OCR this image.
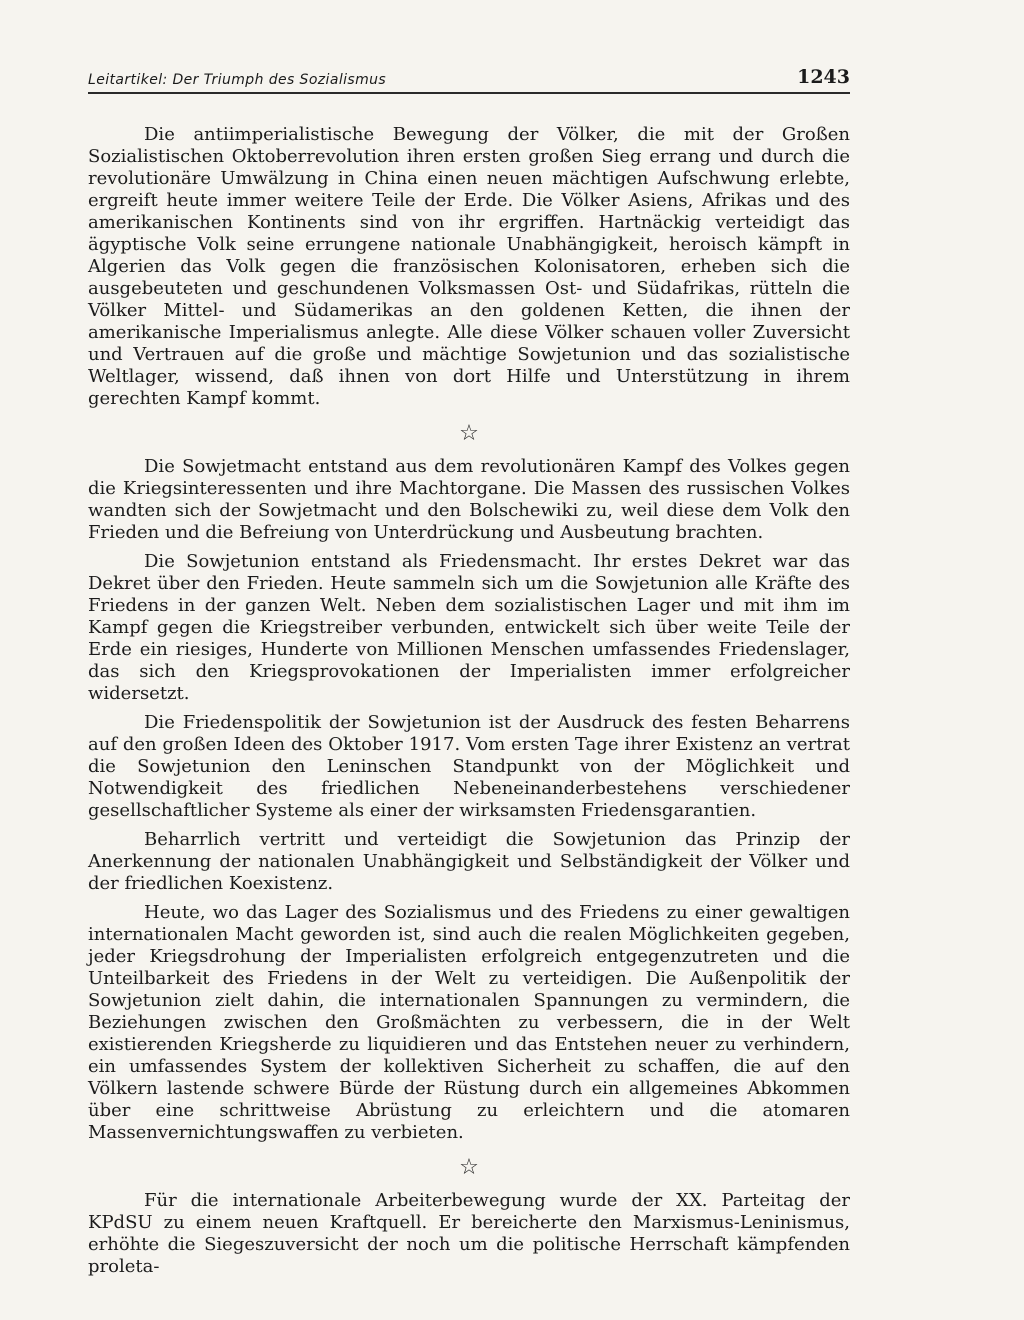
Leitartikel: Der Triumph des Sozialismus	1243

Die antiimperialistische Bewegung der Völker, die mit der Großen Sozialistischen Oktoberrevolution ihren ersten großen Sieg errang und durch die revolutionäre Umwälzung in China einen neuen mächtigen Aufschwung erlebte, ergreift heute immer weitere Teile der Erde. Die Völker Asiens, Afrikas und des amerikanischen Kontinents sind von ihr ergriffen. Hartnäckig verteidigt das ägyptische Volk seine errungene nationale Unabhängigkeit, heroisch kämpft in Algerien das Volk gegen die französischen Kolonisatoren, erheben sich die ausgebeuteten und geschundenen Volksmassen Ost- und Südafrikas, rütteln die Völker Mittel- und Südamerikas an den goldenen Ketten, die ihnen der amerikanische Imperialismus anlegte. Alle diese Völker schauen voller Zuversicht und Vertrauen auf die große und mächtige Sowjetunion und das sozialistische Weltlager, wissend, daß ihnen von dort Hilfe und Unterstützung in ihrem gerechten Kampf kommt.

☆

Die Sowjetmacht entstand aus dem revolutionären Kampf des Volkes gegen die Kriegsinteressenten und ihre Machtorgane. Die Massen des russischen Volkes wandten sich der Sowjetmacht und den Bolschewiki zu, weil diese dem Volk den Frieden und die Befreiung von Unterdrückung und Ausbeutung brachten.

Die Sowjetunion entstand als Friedensmacht. Ihr erstes Dekret war das Dekret über den Frieden. Heute sammeln sich um die Sowjetunion alle Kräfte des Friedens in der ganzen Welt. Neben dem sozialistischen Lager und mit ihm im Kampf gegen die Kriegstreiber verbunden, entwickelt sich über weite Teile der Erde ein riesiges, Hunderte von Millionen Menschen umfassendes Friedenslager, das sich den Kriegsprovokationen der Imperialisten immer erfolgreicher widersetzt.

Die Friedenspolitik der Sowjetunion ist der Ausdruck des festen Beharrens auf den großen Ideen des Oktober 1917. Vom ersten Tage ihrer Existenz an vertrat die Sowjetunion den Leninschen Standpunkt von der Möglichkeit und Notwendigkeit des friedlichen Nebeneinanderbestehens verschiedener gesellschaftlicher Systeme als einer der wirksamsten Friedensgarantien.

Beharrlich vertritt und verteidigt die Sowjetunion das Prinzip der Anerkennung der nationalen Unabhängigkeit und Selbständigkeit der Völker und der friedlichen Koexistenz.

Heute, wo das Lager des Sozialismus und des Friedens zu einer gewaltigen internationalen Macht geworden ist, sind auch die realen Möglichkeiten gegeben, jeder Kriegsdrohung der Imperialisten erfolgreich entgegenzutreten und die Unteilbarkeit des Friedens in der Welt zu verteidigen. Die Außenpolitik der Sowjetunion zielt dahin, die internationalen Spannungen zu vermindern, die Beziehungen zwischen den Großmächten zu verbessern, die in der Welt existierenden Kriegsherde zu liquidieren und das Entstehen neuer zu verhindern, ein umfassendes System der kollektiven Sicherheit zu schaffen, die auf den Völkern lastende schwere Bürde der Rüstung durch ein allgemeines Abkommen über eine schrittweise Abrüstung zu erleichtern und die atomaren Massenvernichtungswaffen zu verbieten.

☆

Für die internationale Arbeiterbewegung wurde der XX. Parteitag der KPdSU zu einem neuen Kraftquell. Er bereicherte den Marxismus-Leninismus, erhöhte die Siegeszuversicht der noch um die politische Herrschaft kämpfenden proleta-
